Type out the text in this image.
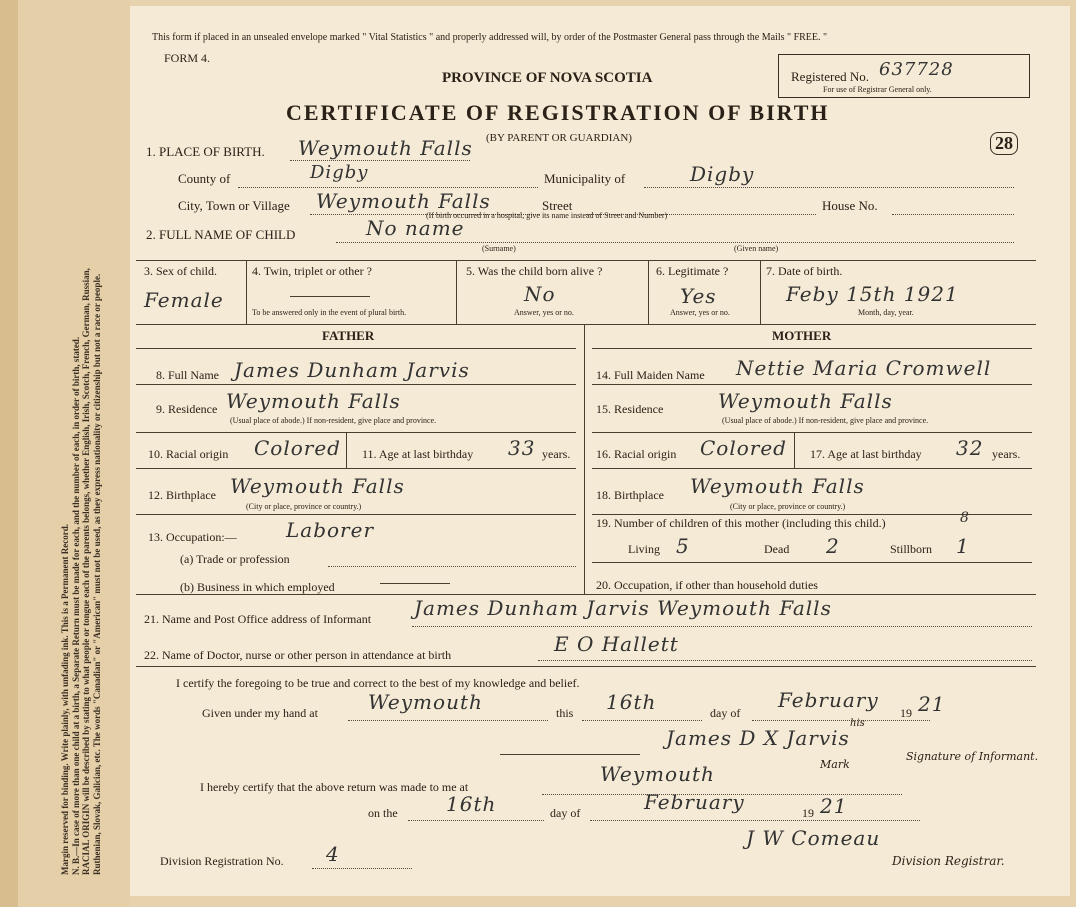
Margin reserved for binding. Write plainly, with unfading ink. This is a Permanent Record. N. B.—In case of more than one child at a birth, a Separate Return must be made for each, and the number of each, in order of birth, stated. RACIAL ORIGIN will be described by stating to what people or tongue each of the parents belongs, whether English, Irish, Scotch, French, German, Russian, Ruthenian, Slovak, Galician, etc. The words "Canadian" or "American" must not be used, as they express nationality or citizenship but not a race or people.
This form if placed in an unsealed envelope marked " Vital Statistics " and properly addressed will, by order of the Postmaster General pass through the Mails " FREE. "
FORM 4.
PROVINCE OF NOVA SCOTIA
CERTIFICATE OF REGISTRATION OF BIRTH
(BY PARENT OR GUARDIAN)
Registered No. 637728
For use of Registrar General only.
28
1. PLACE OF BIRTH. Weymouth Falls
County of	Digby	Municipality of	Digby
City, Town or Village Weymouth Falls	Street	House No.
(If birth occurred in a hospital, give its name instead of Street and Number)
2. FULL NAME OF CHILD	No name
(Surname)	(Given name)
3. Sex of child.
Female
4. Twin, triplet or other ?
To be answered only in the event of plural birth.
5. Was the child born alive ?
No
Answer, yes or no.
6. Legitimate ?
Yes
Answer, yes or no.
7. Date of birth.
Feby 15th 1921
Month, day, year.
FATHER	MOTHER
8. Full Name James Dunham Jarvis
9. Residence Weymouth Falls
(Usual place of abode.) If non-resident, give place and province.
10. Racial origin Colored 11. Age at last birthday 33 years.
12. Birthplace Weymouth Falls
(City or place, province or country.)
13. Occupation:— Laborer
(a) Trade or profession
(b) Business in which employed
14. Full Maiden Name Nettie Maria Cromwell
15. Residence	Weymouth Falls
(Usual place of abode.) If non-resident, give place and province.
16. Racial origin Colored 17. Age at last birthday 32 years.
18. Birthplace Weymouth Falls
(City or place, province or country.)
19. Number of children of this mother (including this child.)	8
Living 5	Dead 2	Stillborn 1
20. Occupation, if other than household duties
21. Name and Post Office address of Informant James Dunham Jarvis Weymouth Falls
22. Name of Doctor, nurse or other person in attendance at birth	E O Hallett
I certify the foregoing to be true and correct to the best of my knowledge and belief.
Given under my hand at	Weymouth	this 16th	day of
February
19 21
his
James D X Jarvis
Mark
Signature of Informant.
I hereby certify that the above return was made to me at
Weymouth
on the 16th	day of	February	19 21
Division Registration No. 4
J W Comeau
Division Registrar.
